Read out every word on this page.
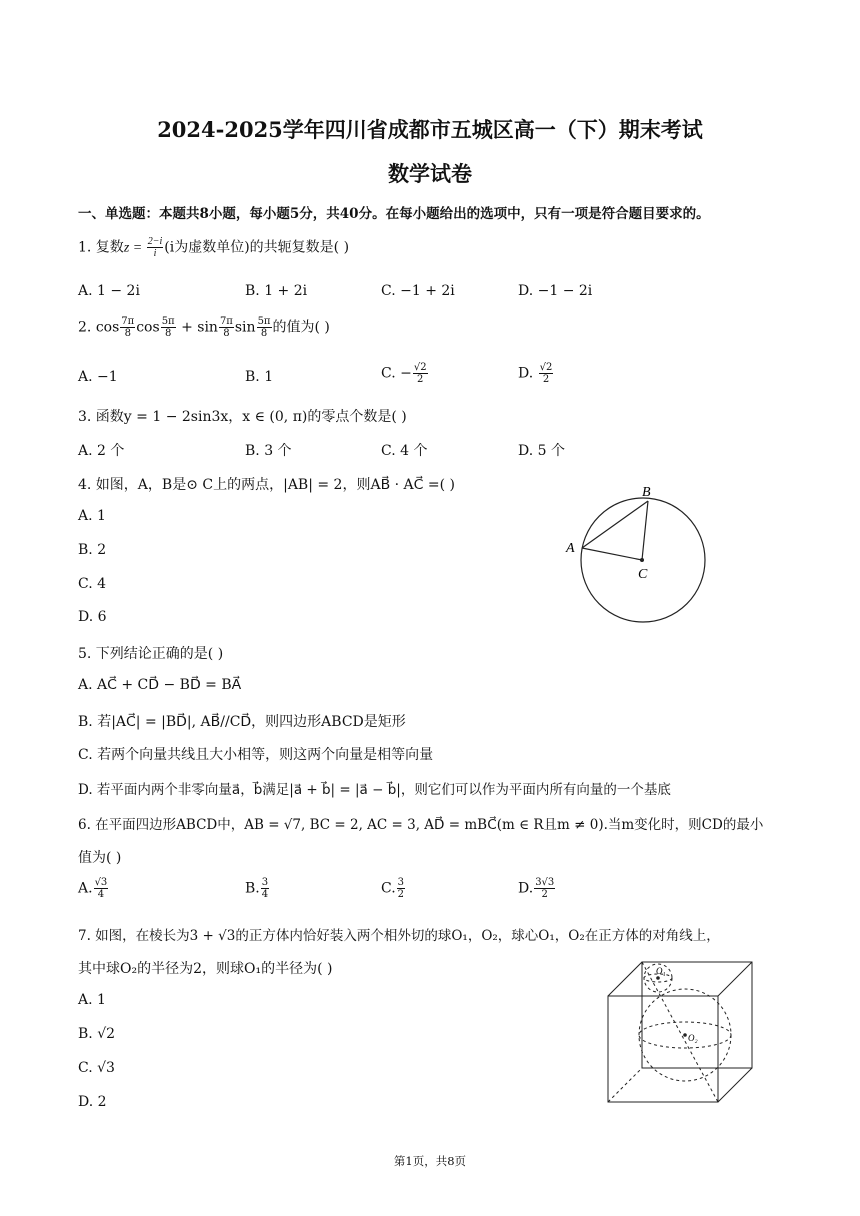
2024-2025学年四川省成都市五城区高一（下）期末考试
数学试卷
一、单选题：本题共8小题，每小题5分，共40分。在每小题给出的选项中，只有一项是符合题目要求的。
1. 复数$z = \frac{2-i}{i} (i$为虚数单位)的共轭复数是( )
A. 1 − 2i	B. 1 + 2i	C. −1 + 2i	D. −1 − 2i
2. $\cos \frac{7\pi}{8}$ $\cos \frac{5\pi}{8} + \sin \frac{7\pi}{8}$ $\sin \frac{5\pi}{8}$ 的值为( )
A. −1	B. 1	C. − $\frac{√2}{2}$	D. $\frac{√2}{2}$
3. 函数y = 1 − 2sin3x，x ∈ (0, π)的零点个数是( )
A. 2 个	B. 3 个	C. 4 个	D. 5 个
4. 如图，A，B是⊙ C上的两点，|AB| = 2，则AB⃗ · AC⃗ =( )
A. 1
B. 2
C. 4
D. 6
A
B
C
5. 下列结论正确的是( )
A. AC⃗ + CD⃗ − BD⃗ = BA⃗
B. 若|AC⃗| = |BD⃗|, AB⃗//CD⃗，则四边形ABCD是矩形
C. 若两个向量共线且大小相等，则这两个向量是相等向量
D. 若平面内两个非零向量a⃗，b⃗满足|a⃗ + b⃗| = |a⃗ − b⃗|，则它们可以作为平面内所有向量的一个基底
6. 在平面四边形ABCD中，AB = √7, BC = 2, AC = 3, AD⃗ = mBC⃗(m ∈ R且m ≠ 0).当m变化时，则CD的最小
值为( )
A. $\frac{√3}{4}$	B. $\frac{3}{4}$	C. $\frac{3}{2}$	D. $\frac{3√3}{2}$
7. 如图，在棱长为3 + √3的正方体内恰好装入两个相外切的球O₁，O₂，球心O₁，O₂在正方体的对角线上，
其中球O₂的半径为2，则球O₁的半径为( )
A. 1
B. √2
C. √3
D. 2
O₁
O₂
第1页，共8页
